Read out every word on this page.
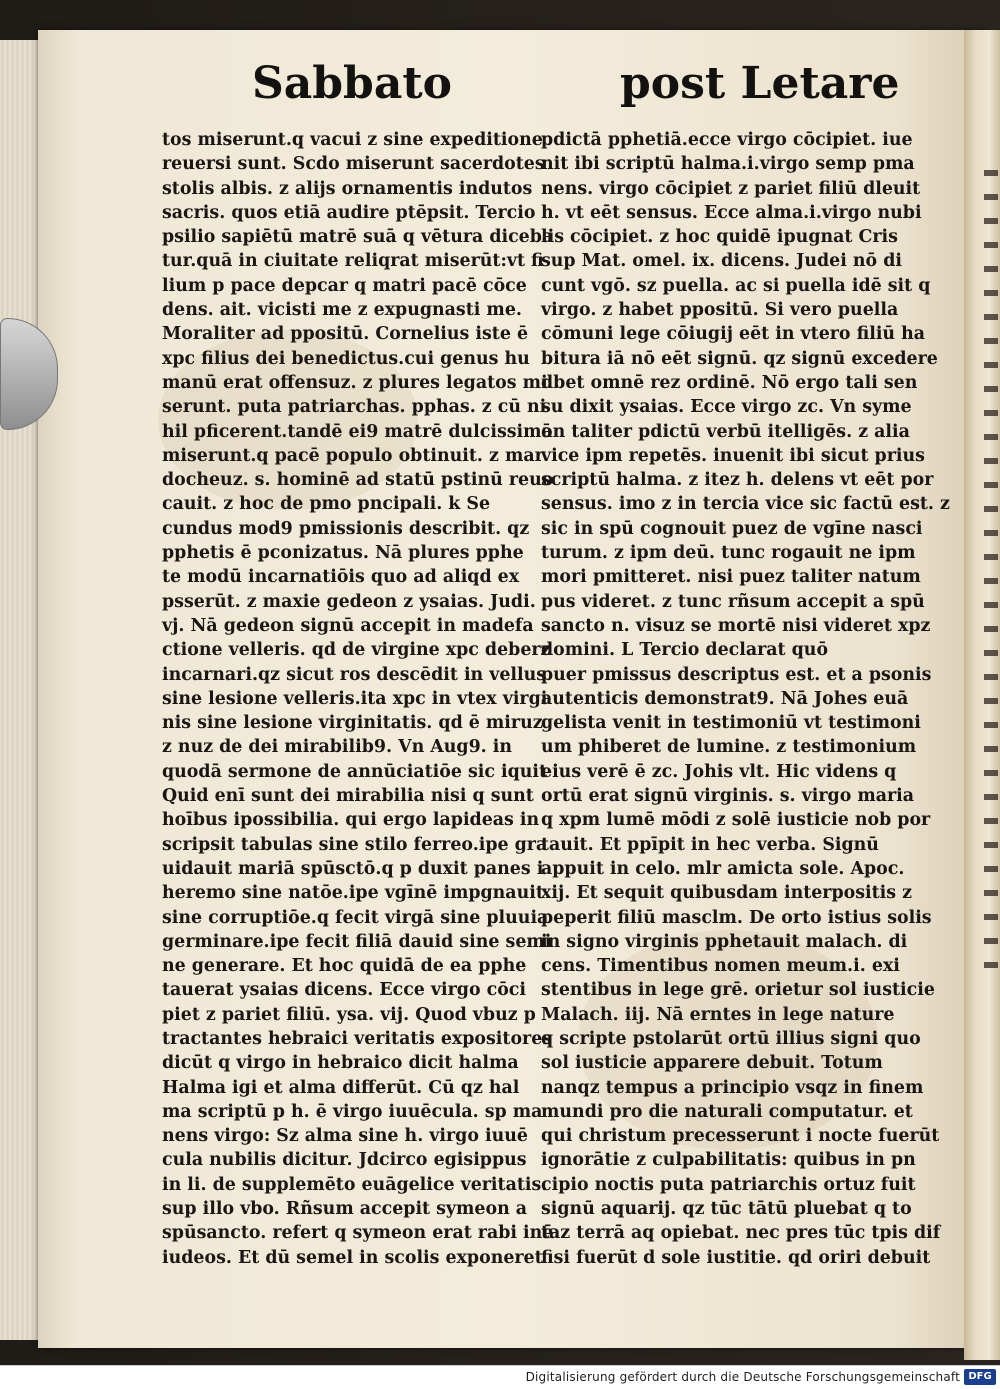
Sabbato	post Letare
tos miserunt.q vacui z sine expeditione
reuersi sunt. Scdo miserunt sacerdotes
stolis albis. z alijs ornamentis indutos
sacris. quos etiā audire ptēpsit. Tercio
psilio sapiētū matrē suā q vētura diceba
tur.quā in ciuitate reliqrat miserūt:vt fi
lium p pace depcar q matri pacē cōce
dens. ait. vicisti me z expugnasti me.
Moraliter ad ppositū. Cornelius iste ē
xpc filius dei benedictus.cui genus hu
manū erat offensuz. z plures legatos mi
serunt. puta patriarchas. pphas. z cū ni
hil pficerent.tandē ei9 matrē dulcissimā
miserunt.q pacē populo obtinuit. z mar
docheuz. s. hominē ad statū pstinū reuo
cauit. z hoc de pmo pncipali. k Se
cundus mod9 pmissionis describit. qz
pphetis ē pconizatus. Nā plures pphe
te modū incarnatiōis quo ad aliqd ex
psserūt. z maxie gedeon z ysaias. Judi.
vj. Nā gedeon signū accepit in madefa
ctione velleris. qd de virgine xpc deberz
incarnari.qz sicut ros descēdit in vellus
sine lesione velleris.ita xpc in vtex virgi
nis sine lesione virginitatis. qd ē miruz
z nuz de dei mirabilib9. Vn Aug9. in
quodā sermone de annūciatiōe sic iquit
Quid enī sunt dei mirabilia nisi q sunt
hoībus ipossibilia. qui ergo lapideas in
scripsit tabulas sine stilo ferreo.ipe gra
uidauit mariā spūsctō.q p duxit panes i
heremo sine natōe.ipe vgīnē impgnauit
sine corruptiōe.q fecit virgā sine pluuia
germinare.ipe fecit filiā dauid sine semi
ne generare. Et hoc quidā de ea pphe
tauerat ysaias dicens. Ecce virgo cōci
piet z pariet filiū. ysa. vij. Quod vbuz p
tractantes hebraici veritatis expositores
dicūt q virgo in hebraico dicit halma
Halma igi et alma differūt. Cū qz hal
ma scriptū p h. ē virgo iuuēcula. sp ma
nens virgo: Sz alma sine h. virgo iuuē
cula nubilis dicitur. Jdcirco egisippus
in li. de supplemēto euāgelice veritatis.
sup illo vbo. Rñsum accepit symeon a
spūsancto. refert q symeon erat rabi inē
iudeos. Et dū semel in scolis exponeret
pdictā pphetiā.ecce virgo cōcipiet. iue
nit ibi scriptū halma.i.virgo semp pma
nens. virgo cōcipiet z pariet filiū dleuit
h. vt eēt sensus. Ecce alma.i.virgo nubi
lis cōcipiet. z hoc quidē ipugnat Cris
sup Mat. omel. ix. dicens. Judei nō di
cunt vgō. sz puella. ac si puella idē sit q
virgo. z habet ppositū. Si vero puella
cōmuni lege cōiugij eēt in vtero filiū ha
bitura iā nō eēt signū. qz signū excedere
dbet omnē rez ordinē. Nō ergo tali sen
su dixit ysaias. Ecce virgo zc. Vn syme
on taliter pdictū verbū itelligēs. z alia
vice ipm repetēs. inuenit ibi sicut prius
scriptū halma. z itez h. delens vt eēt por
sensus. imo z in tercia vice sic factū est. z
sic in spū cognouit puez de vgīne nasci
turum. z ipm deū. tunc rogauit ne ipm
mori pmitteret. nisi puez taliter natum
pus videret. z tunc rñsum accepit a spū
sancto n. visuz se mortē nisi videret xpz
domini. L Tercio declarat quō
puer pmissus descriptus est. et a psonis
autenticis demonstrat9. Nā Johes euā
gelista venit in testimoniū vt testimoni
um phiberet de lumine. z testimonium
eius verē ē zc. Johis vlt. Hic videns q
ortū erat signū virginis. s. virgo maria
q xpm lumē mōdi z solē iusticie nob por
tauit. Et ppīpit in hec verba. Signū
appuit in celo. mlr amicta sole. Apoc.
xij. Et sequit quibusdam interpositis z
peperit filiū masclm. De orto istius solis
in signo virginis pphetauit malach. di
cens. Timentibus nomen meum.i. exi
stentibus in lege grē. orietur sol iusticie
Malach. iij. Nā erntes in lege nature
q scripte pstolarūt ortū illius signi quo
sol iusticie apparere debuit. Totum
nanqz tempus a principio vsqz in finem
mundi pro die naturali computatur. et
qui christum precesserunt i nocte fuerūt
ignorātie z culpabilitatis: quibus in pn
cipio noctis puta patriarchis ortuz fuit
signū aquarij. qz tūc tātū pluebat q to
taz terrā aq opiebat. nec pres tūc tpis dif
fisi fuerūt d sole iustitie. qd oriri debuit
Digitalisierung gefördert durch die Deutsche Forschungsgemeinschaft DFG
